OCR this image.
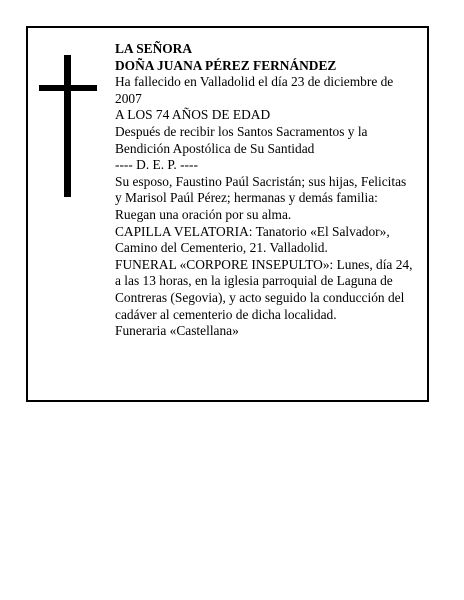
LA SEÑORA

DOÑA JUANA PÉREZ FERNÁNDEZ

Ha fallecido en Valladolid el día 23 de diciembre de 2007

A LOS 74 AÑOS DE EDAD

Después de recibir los Santos Sacramentos y la Bendición Apostólica de Su Santidad

---- D. E. P. ----

Su esposo, Faustino Paúl Sacristán; sus hijas, Felicitas y Marisol Paúl Pérez; hermanas y demás familia: Ruegan una oración por su alma.

CAPILLA VELATORIA: Tanatorio «El Salvador», Camino del Cementerio, 21. Valladolid.

FUNERAL «CORPORE INSEPULTO»: Lunes, día 24, a las 13 horas, en la iglesia parroquial de Laguna de Contreras (Segovia), y acto seguido la conducción del cadáver al cementerio de dicha localidad.

Funeraria «Castellana»
